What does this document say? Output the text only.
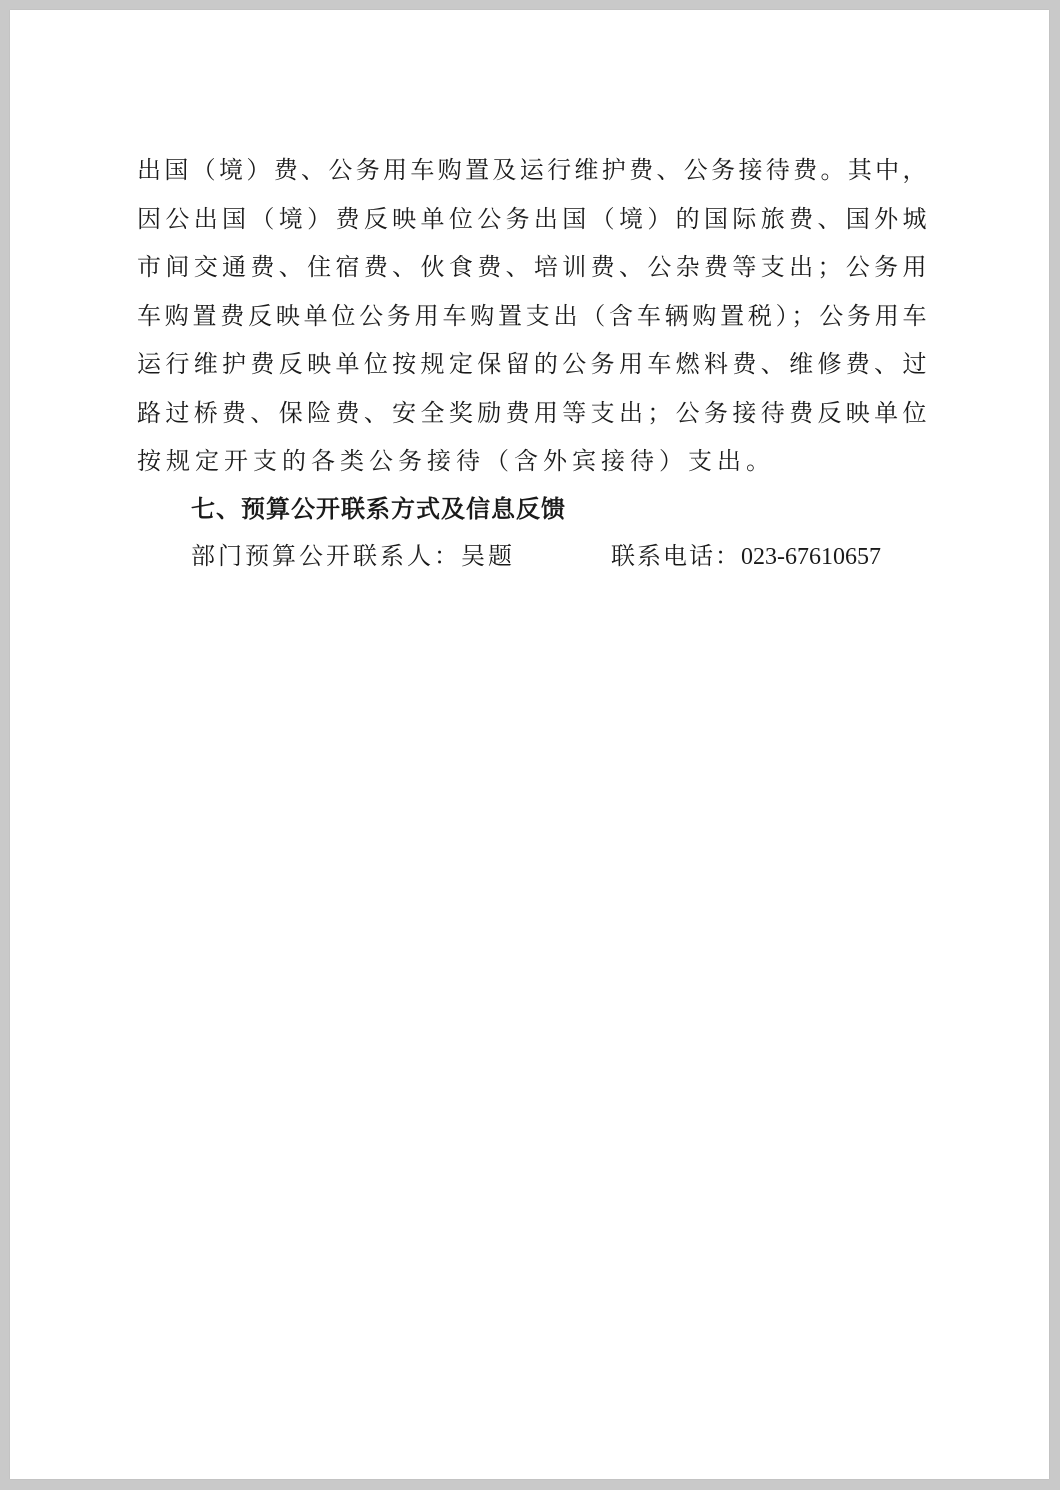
出国（境）费、公务用车购置及运行维护费、公务接待费。其中，
因公出国（境）费反映单位公务出国（境）的国际旅费、国外城
市间交通费、住宿费、伙食费、培训费、公杂费等支出；公务用
车购置费反映单位公务用车购置支出（含车辆购置税）；公务用车
运行维护费反映单位按规定保留的公务用车燃料费、维修费、过
路过桥费、保险费、安全奖励费用等支出；公务接待费反映单位
按规定开支的各类公务接待（含外宾接待）支出。
七、预算公开联系方式及信息反馈
部门预算公开联系人：吴题	联系电话：023-67610657
